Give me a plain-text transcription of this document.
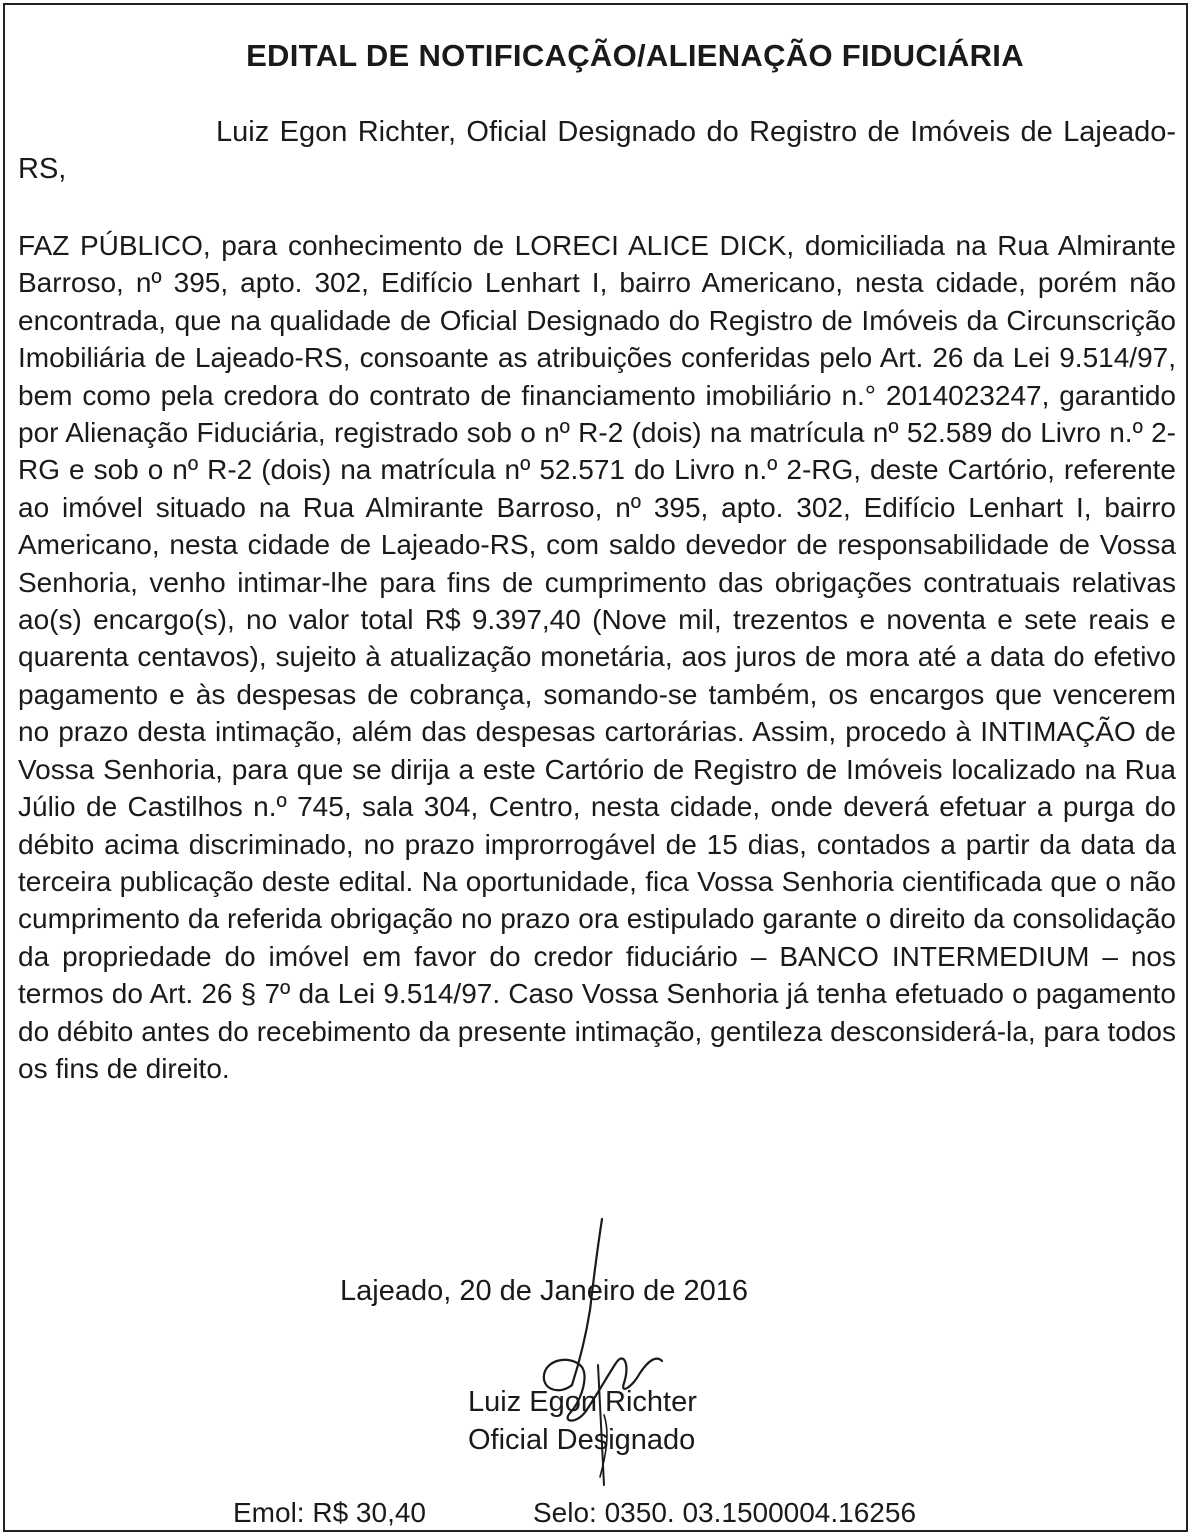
EDITAL DE NOTIFICAÇÃO/ALIENAÇÃO FIDUCIÁRIA

Luiz Egon Richter, Oficial Designado do Registro de Imóveis de Lajeado-RS,

FAZ PÚBLICO, para conhecimento de LORECI ALICE DICK, domiciliada na Rua Almirante Barroso, nº 395, apto. 302, Edifício Lenhart I, bairro Americano, nesta cidade, porém não encontrada, que na qualidade de Oficial Designado do Registro de Imóveis da Circunscrição Imobiliária de Lajeado-RS, consoante as atribuições conferidas pelo Art. 26 da Lei 9.514/97, bem como pela credora do contrato de financiamento imobiliário n.° 2014023247, garantido por Alienação Fiduciária, registrado sob o nº R-2 (dois) na matrícula nº 52.589 do Livro n.º 2-RG e sob o nº R-2 (dois) na matrícula nº 52.571 do Livro n.º 2-RG, deste Cartório, referente ao imóvel situado na Rua Almirante Barroso, nº 395, apto. 302, Edifício Lenhart I, bairro Americano, nesta cidade de Lajeado-RS, com saldo devedor de responsabilidade de Vossa Senhoria, venho intimar-lhe para fins de cumprimento das obrigações contratuais relativas ao(s) encargo(s), no valor total R$ 9.397,40 (Nove mil, trezentos e noventa e sete reais e quarenta centavos), sujeito à atualização monetária, aos juros de mora até a data do efetivo pagamento e às despesas de cobrança, somando-se também, os encargos que vencerem no prazo desta intimação, além das despesas cartorárias. Assim, procedo à INTIMAÇÃO de Vossa Senhoria, para que se dirija a este Cartório de Registro de Imóveis localizado na Rua Júlio de Castilhos n.º 745, sala 304, Centro, nesta cidade, onde deverá efetuar a purga do débito acima discriminado, no prazo improrrogável de 15 dias, contados a partir da data da terceira publicação deste edital. Na oportunidade, fica Vossa Senhoria cientificada que o não cumprimento da referida obrigação no prazo ora estipulado garante o direito da consolidação da propriedade do imóvel em favor do credor fiduciário – BANCO INTERMEDIUM – nos termos do Art. 26 § 7º da Lei 9.514/97. Caso Vossa Senhoria já tenha efetuado o pagamento do débito antes do recebimento da presente intimação, gentileza desconsiderá-la, para todos os fins de direito.

Lajeado, 20 de Janeiro de 2016

Luiz Egon Richter

Oficial Designado

Emol: R$ 30,40	Selo: 0350. 03.1500004.16256
